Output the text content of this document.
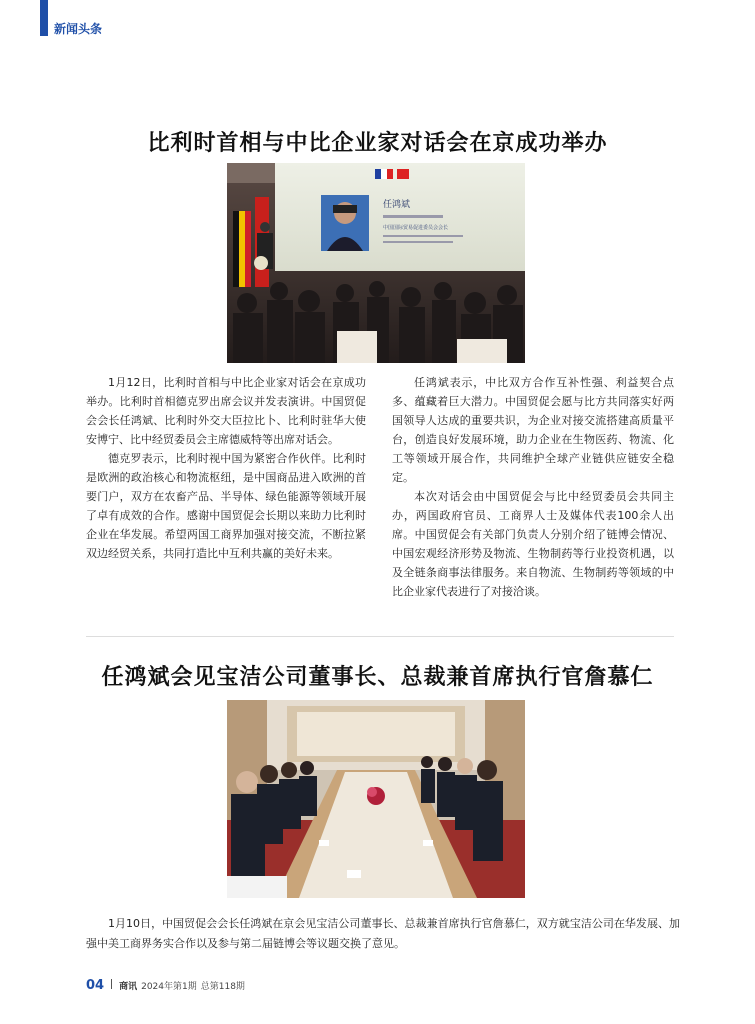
新闻头条
比利时首相与中比企业家对话会在京成功举办
任鸿斌
中国国际贸易促进委员会会长

1月12日，比利时首相与中比企业家对话会在京成功举办。比利时首相德克罗出席会议并发表演讲。中国贸促会会长任鸿斌、比利时外交大臣拉比卜、比利时驻华大使安博宁、比中经贸委员会主席德威特等出席对话会。

德克罗表示，比利时视中国为紧密合作伙伴。比利时是欧洲的政治核心和物流枢纽，是中国商品进入欧洲的首要门户，双方在农畜产品、半导体、绿色能源等领域开展了卓有成效的合作。感谢中国贸促会长期以来助力比利时企业在华发展。希望两国工商界加强对接交流，不断拉紧双边经贸关系，共同打造比中互利共赢的美好未来。

任鸿斌表示，中比双方合作互补性强、利益契合点多、蕴藏着巨大潜力。中国贸促会愿与比方共同落实好两国领导人达成的重要共识，为企业对接交流搭建高质量平台，创造良好发展环境，助力企业在生物医药、物流、化工等领域开展合作，共同维护全球产业链供应链安全稳定。

本次对话会由中国贸促会与比中经贸委员会共同主办，两国政府官员、工商界人士及媒体代表100余人出席。中国贸促会有关部门负责人分别介绍了链博会情况、中国宏观经济形势及物流、生物制药等行业投资机遇，以及全链条商事法律服务。来自物流、生物制药等领域的中比企业家代表进行了对接洽谈。

任鸿斌会见宝洁公司董事长、总裁兼首席执行官詹慕仁

1月10日，中国贸促会会长任鸿斌在京会见宝洁公司董事长、总裁兼首席执行官詹慕仁，双方就宝洁公司在华发展、加强中美工商界务实合作以及参与第二届链博会等议题交换了意见。

04 商讯 2024年第1期 总第118期
